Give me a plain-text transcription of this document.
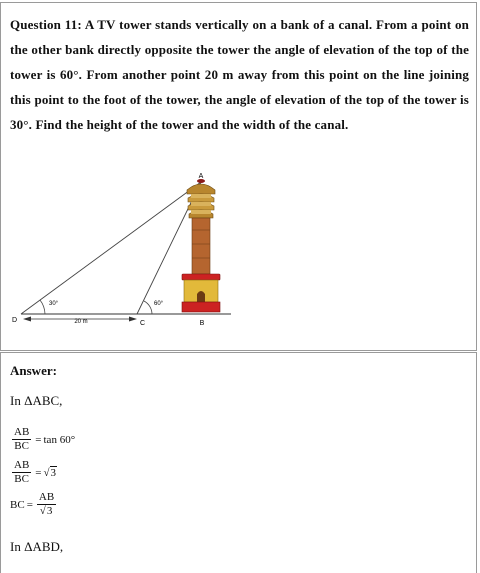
Question 11: A TV tower stands vertically on a bank of a canal. From a point on the other bank directly opposite the tower the angle of elevation of the top of the tower is 60°. From another point 20 m away from this point on the line joining this point to the foot of the tower, the angle of elevation of the top of the tower is 30°. Find the height of the tower and the width of the canal.
A
B
C
D
30°	60°
20 m
Answer:
In ΔABC,
$\frac{AB}{BC} = \tan 60^\circ$
$\frac{AB}{BC} = √3$
BC = $\frac{AB}{√3}$
In ΔABD,
